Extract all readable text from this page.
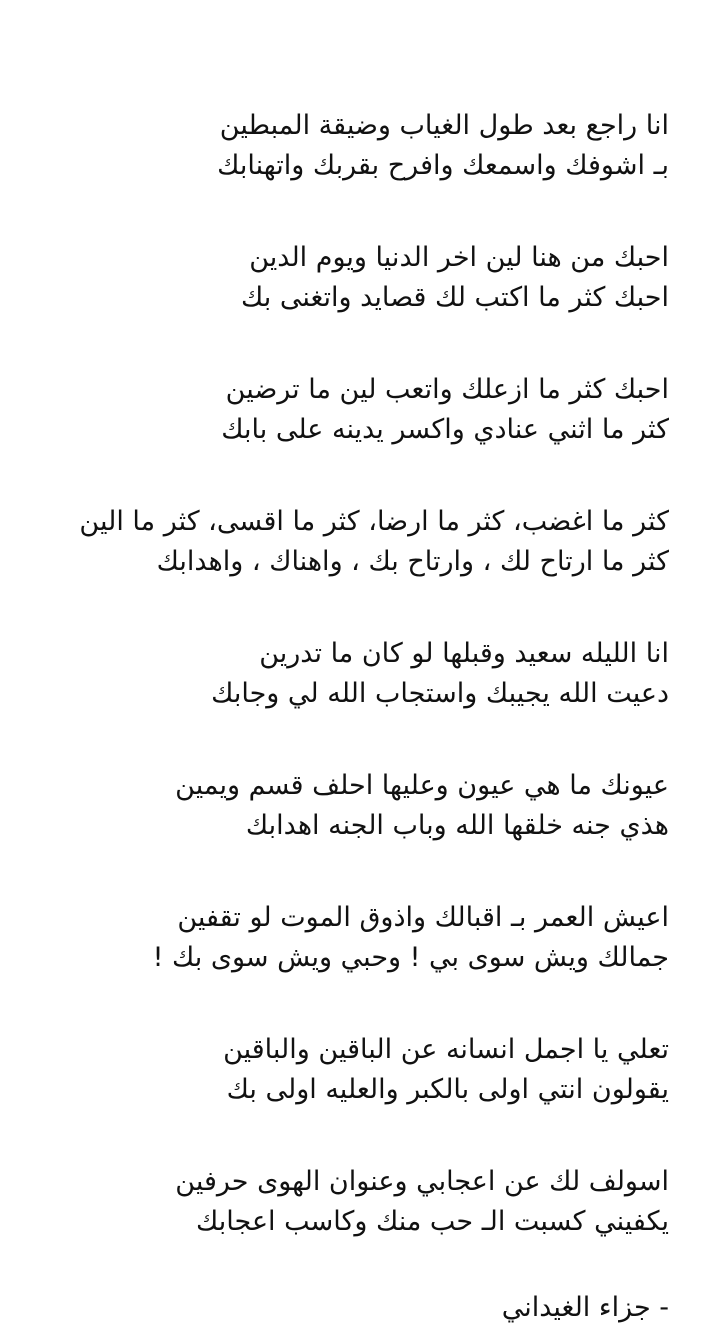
انا راجع بعد طول الغياب وضيقة المبطين
بـ اشوفك واسمعك وافرح بقربك واتهنابك
احبك من هنا لين اخر الدنيا ويوم الدين
احبك كثر ما اكتب لك قصايد واتغنى بك
احبك كثر ما ازعلك واتعب لين ما ترضين
كثر ما اثني عنادي واكسر يدينه على بابك
كثر ما اغضب، كثر ما ارضا، كثر ما اقسى، كثر ما الين
كثر ما ارتاح لك ، وارتاح بك ، واهناك ، واهدابك
انا الليله سعيد وقبلها لو كان ما تدرين
دعيت الله يجيبك واستجاب الله لي وجابك
عيونك ما هي عيون وعليها احلف قسم ويمين
هذي جنه خلقها الله وباب الجنه اهدابك
اعيش العمر بـ اقبالك واذوق الموت لو تقفين
جمالك ويش سوى بي ! وحبي ويش سوى بك !
تعلي يا اجمل انسانه عن الباقين والباقين
يقولون انتي اولى بالكبر والعليه اولى بك
اسولف لك عن اعجابي وعنوان الهوى حرفين
يكفيني كسبت الـ حب منك وكاسب اعجابك
- جزاء الغيداني
